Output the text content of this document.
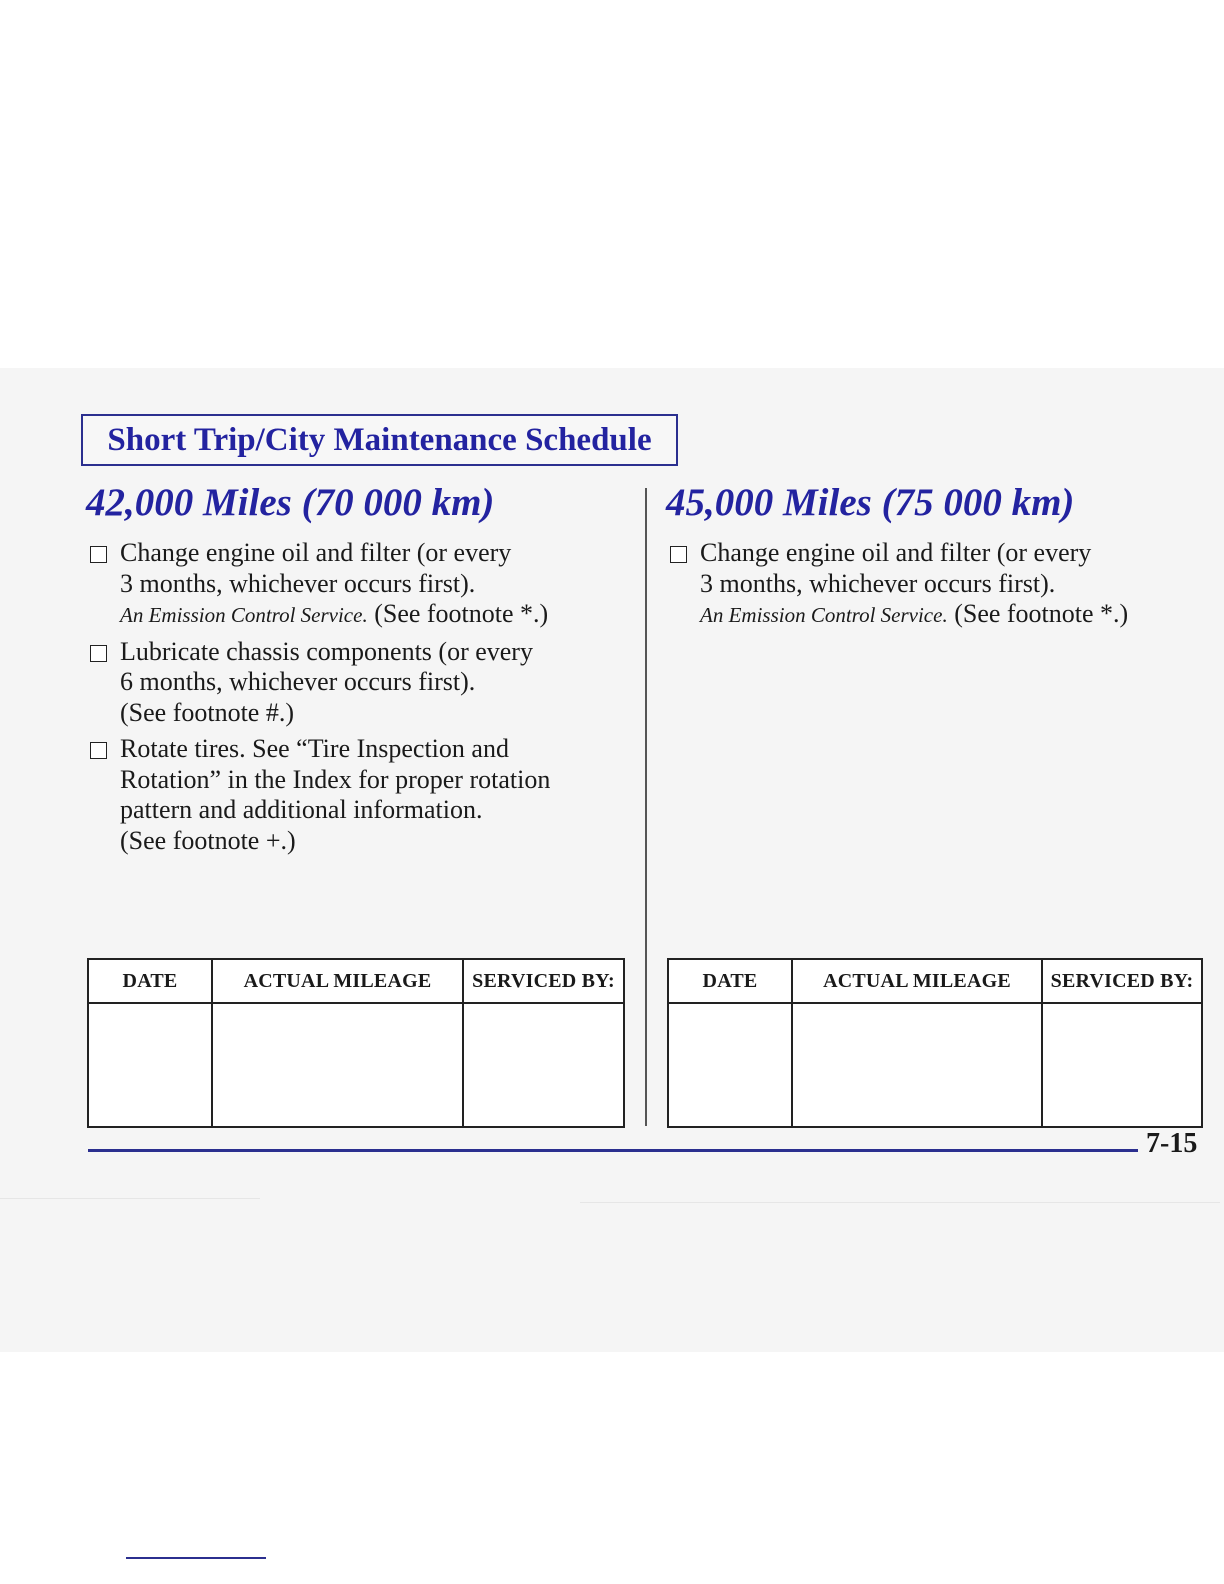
Short Trip/City Maintenance Schedule
42,000 Miles (70 000 km)
Change engine oil and filter (or every
3 months, whichever occurs first).
An Emission Control Service. (See footnote *.)
Lubricate chassis components (or every
6 months, whichever occurs first).
(See footnote #.)
Rotate tires. See “Tire Inspection and
Rotation” in the Index for proper rotation
pattern and additional information.
(See footnote +.)
DATE	ACTUAL MILEAGE	SERVICED BY:

45,000 Miles (75 000 km)
Change engine oil and filter (or every
3 months, whichever occurs first).
An Emission Control Service. (See footnote *.)
DATE	ACTUAL MILEAGE	SERVICED BY:

7-15
